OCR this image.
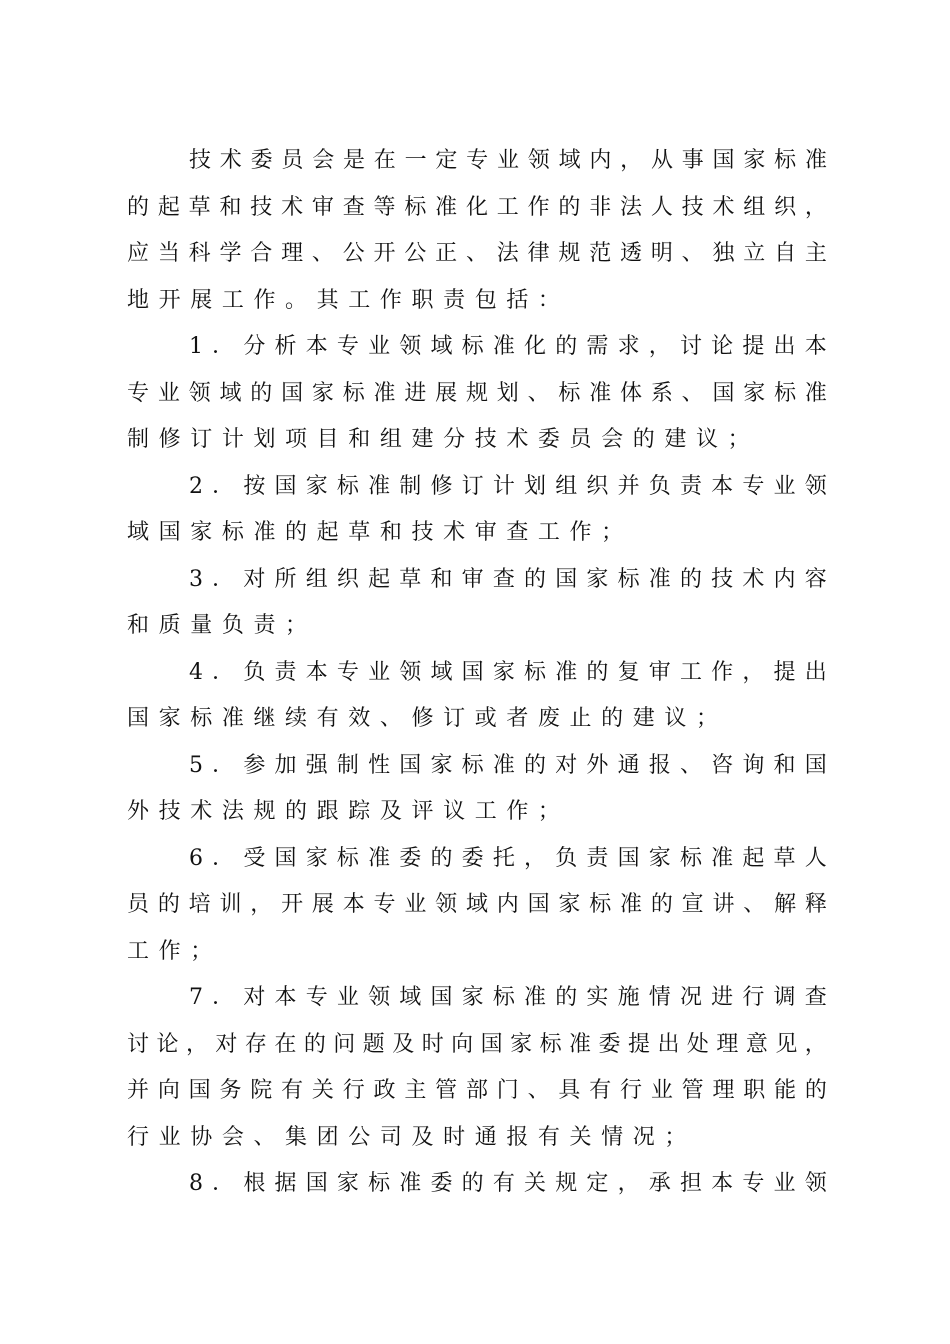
技 术 委 员 会 是 在 一 定 专 业 领 域 内 ， 从 事 国 家 标 准
的 起 草 和 技 术 审 查 等 标 准 化 工 作 的 非 法 人 技 术 组 织 ，
应 当 科 学 合 理 、 公 开 公 正 、 法 律 规 范 透 明 、 独 立 自 主
地 开 展 工 作 。 其 工 作 职 责 包 括 ：
1 ． 分 析 本 专 业 领 域 标 准 化 的 需 求 ， 讨 论 提 出 本
专 业 领 域 的 国 家 标 准 进 展 规 划 、 标 准 体 系 、 国 家 标 准
制 修 订 计 划 项 目 和 组 建 分 技 术 委 员 会 的 建 议 ；
2 ． 按 国 家 标 准 制 修 订 计 划 组 织 并 负 责 本 专 业 领
域 国 家 标 准 的 起 草 和 技 术 审 查 工 作 ；
3 ． 对 所 组 织 起 草 和 审 查 的 国 家 标 准 的 技 术 内 容
和 质 量 负 责 ；
4 ． 负 责 本 专 业 领 域 国 家 标 准 的 复 审 工 作 ， 提 出
国 家 标 准 继 续 有 效 、 修 订 或 者 废 止 的 建 议 ；
5 ． 参 加 强 制 性 国 家 标 准 的 对 外 通 报 、 咨 询 和 国
外 技 术 法 规 的 跟 踪 及 评 议 工 作 ；
6 ． 受 国 家 标 准 委 的 委 托 ， 负 责 国 家 标 准 起 草 人
员 的 培 训 ， 开 展 本 专 业 领 域 内 国 家 标 准 的 宣 讲 、 解 释
工 作 ；
7 ． 对 本 专 业 领 域 国 家 标 准 的 实 施 情 况 进 行 调 查
讨 论 ， 对 存 在 的 问 题 及 时 向 国 家 标 准 委 提 出 处 理 意 见 ，
并 向 国 务 院 有 关 行 政 主 管 部 门 、 具 有 行 业 管 理 职 能 的
行 业 协 会 、 集 团 公 司 及 时 通 报 有 关 情 况 ；
8 ． 根 据 国 家 标 准 委 的 有 关 规 定 ， 承 担 本 专 业 领
